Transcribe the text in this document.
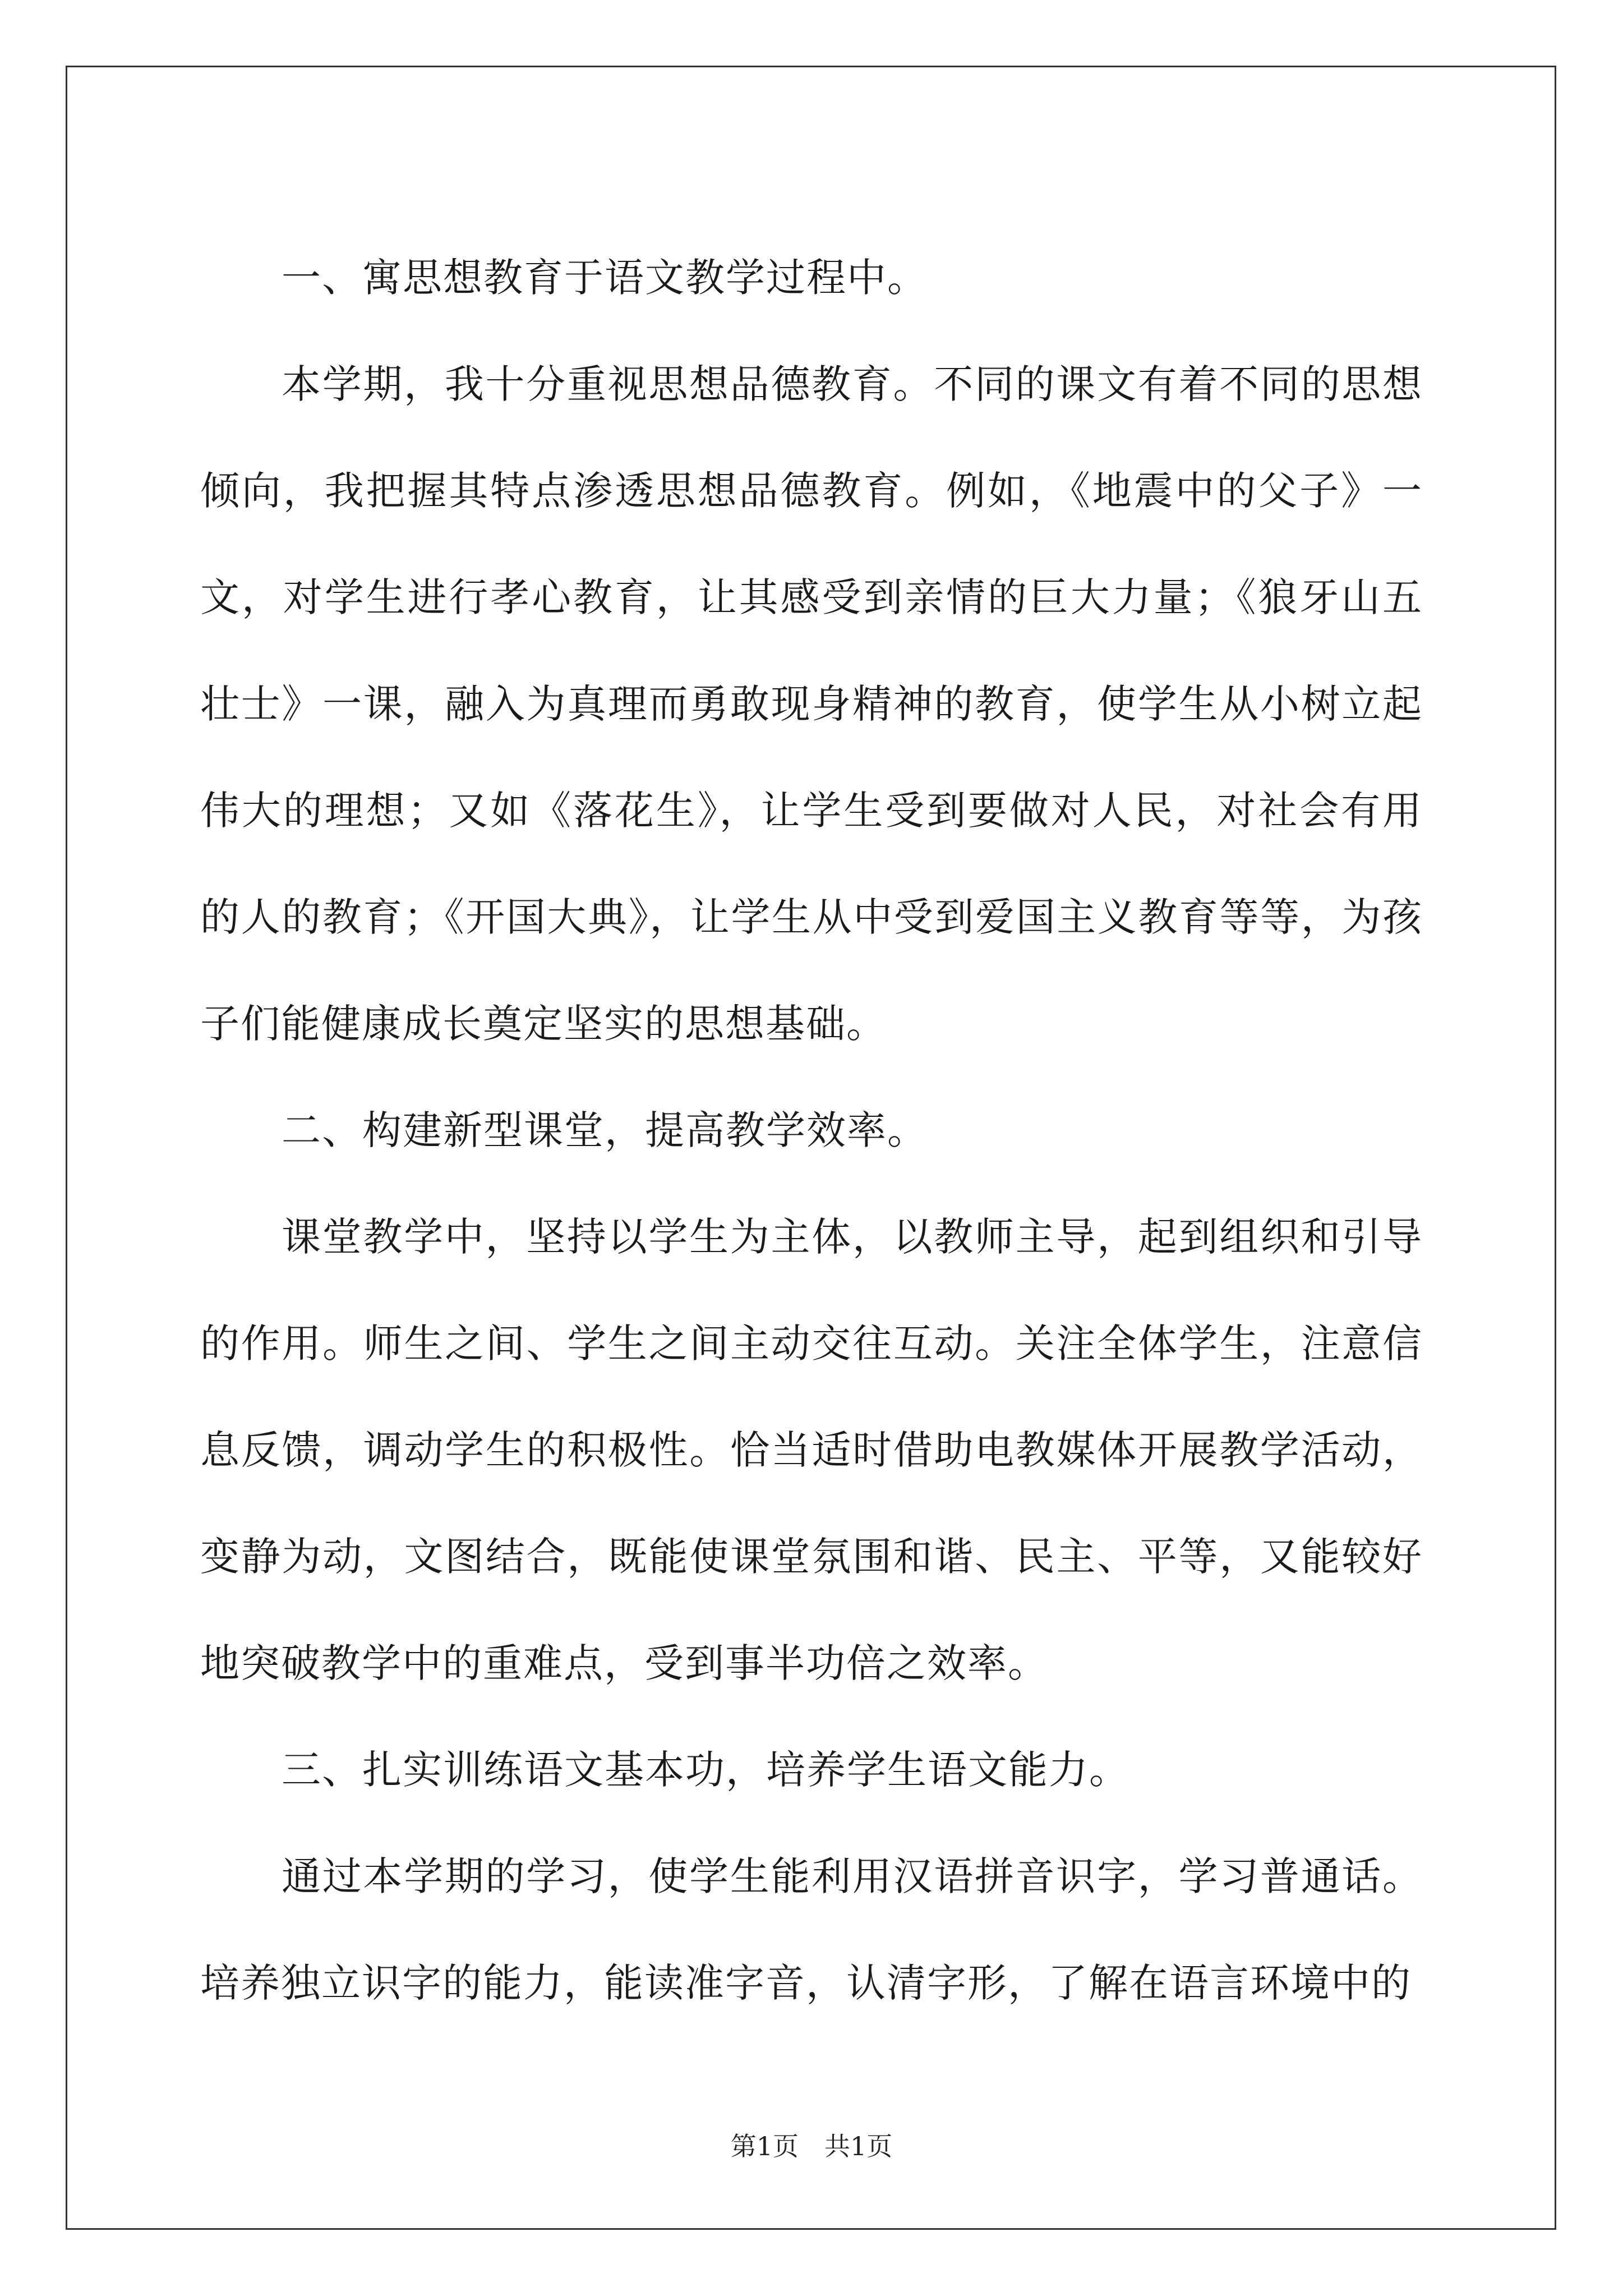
一、寓思想教育于语文教学过程中。

本学期，我十分重视思想品德教育。不同的课文有着不同的思想倾向，我把握其特点渗透思想品德教育。例如，《地震中的父子》一文，对学生进行孝心教育，让其感受到亲情的巨大力量；《狼牙山五壮士》一课，融入为真理而勇敢现身精神的教育，使学生从小树立起伟大的理想；又如《落花生》，让学生受到要做对人民，对社会有用的人的教育；《开国大典》，让学生从中受到爱国主义教育等等，为孩子们能健康成长奠定坚实的思想基础。

二、构建新型课堂，提高教学效率。

课堂教学中，坚持以学生为主体，以教师主导，起到组织和引导的作用。师生之间、学生之间主动交往互动。关注全体学生，注意信息反馈，调动学生的积极性。恰当适时借助电教媒体开展教学活动，变静为动，文图结合，既能使课堂氛围和谐、民主、平等，又能较好地突破教学中的重难点，受到事半功倍之效率。

三、扎实训练语文基本功，培养学生语文能力。

通过本学期的学习，使学生能利用汉语拼音识字，学习普通话。培养独立识字的能力，能读准字音，认清字形，了解在语言环境中的

第1页　共1页
